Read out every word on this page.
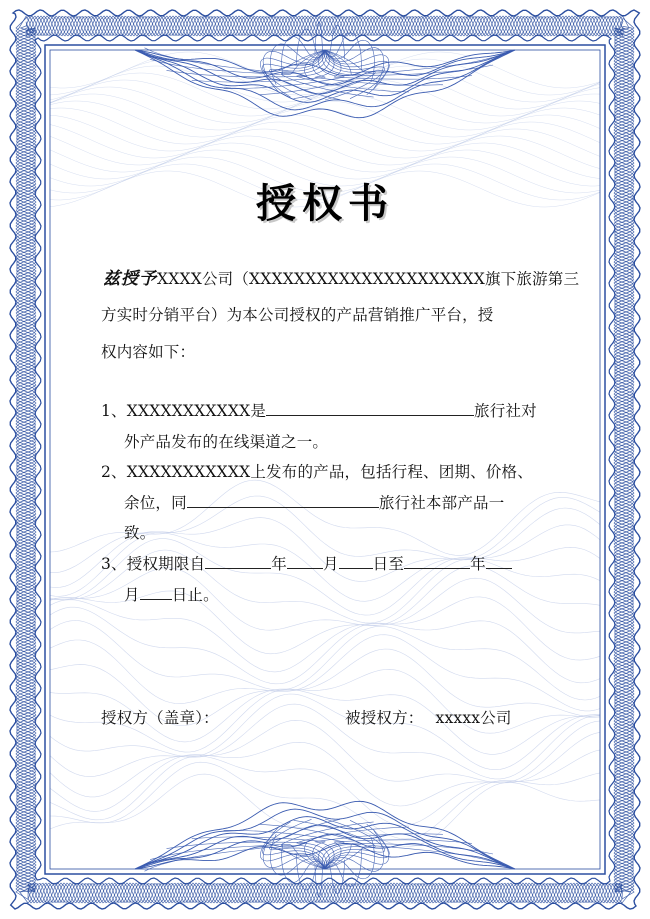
授权书
兹授予XXXX公司（XXXXXXXXXXXXXXXXXXXXX旗下旅游第三
方实时分销平台）为本公司授权的产品营销推广平台，授
权内容如下：
1、XXXXXXXXXXX是	旅行社对
外产品发布的在线渠道之一。
2、XXXXXXXXXXX上发布的产品，包括行程、团期、价格、
余位，同	旅行社本部产品一
致。
3、授权期限自	年 月 日至	年
月 日止。
授权方（盖章）：	被授权方： xxxxx公司
